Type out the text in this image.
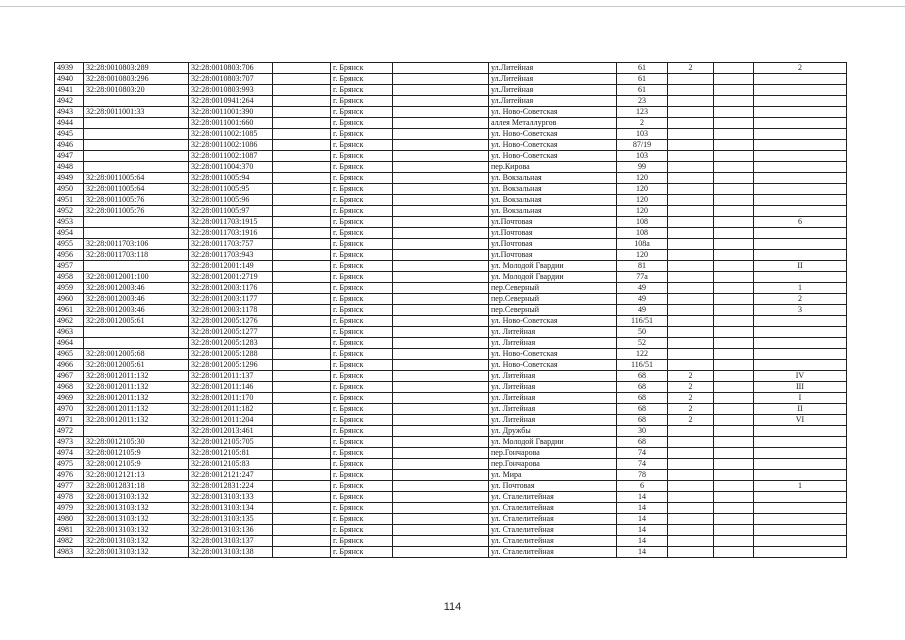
4939	32:28:0010803:289	32:28:0010803:706		г. Брянск		ул.Литейная	61	2		2
4940	32:28:0010803:296	32:28:0010803:707		г. Брянск		ул.Литейная	61			
4941	32:28:0010803:20	32:28:0010803:993		г. Брянск		ул.Литейная	61			
4942		32:28:0010941:264		г. Брянск		ул.Литейная	23			
4943	32:28:0011001:33	32:28:0011001:390		г. Брянск		ул. Ново-Советская	123			
4944		32:28:0011001:660		г. Брянск		аллея Металлургов	2			
4945		32:28:0011002:1085		г. Брянск		ул. Ново-Советская	103			
4946		32:28:0011002:1086		г. Брянск		ул. Ново-Советская	87/19			
4947		32:28:0011002:1087		г. Брянск		ул. Ново-Советская	103			
4948		32:28:0011004:370		г. Брянск		пер.Кирова	99			
4949	32:28:0011005:64	32:28:0011005:94		г. Брянск		ул. Вокзальная	120			
4950	32:28:0011005:64	32:28:0011005:95		г. Брянск		ул. Вокзальная	120			
4951	32:28:0011005:76	32:28:0011005:96		г. Брянск		ул. Вокзальная	120			
4952	32:28:0011005:76	32:28:0011005:97		г. Брянск		ул. Вокзальная	120			
4953		32:28:0011703:1915		г. Брянск		ул.Почтовая	108			6
4954		32:28:0011703:1916		г. Брянск		ул.Почтовая	108			
4955	32:28:0011703:106	32:28:0011703:757		г. Брянск		ул.Почтовая	108а			
4956	32:28:0011703:118	32:28:0011703:943		г. Брянск		ул.Почтовая	120			
4957		32:28:0012001:149		г. Брянск		ул. Молодой Гвардии	81			II
4958	32:28:0012001:100	32:28:0012001:2719		г. Брянск		ул. Молодой Гвардии	77а			
4959	32:28:0012003:46	32:28:0012003:1176		г. Брянск		пер.Северный	49			1
4960	32:28:0012003:46	32:28:0012003:1177		г. Брянск		пер.Северный	49			2
4961	32:28:0012003:46	32:28:0012003:1178		г. Брянск		пер.Северный	49			3
4962	32:28:0012005:61	32:28:0012005:1276		г. Брянск		ул. Ново-Советская	116/51			
4963		32:28:0012005:1277		г. Брянск		ул. Литейная	50			
4964		32:28:0012005:1283		г. Брянск		ул. Литейная	52			
4965	32:28:0012005:68	32:28:0012005:1288		г. Брянск		ул. Ново-Советская	122			
4966	32:28:0012005:61	32:28:0012005:1296		г. Брянск		ул. Ново-Советская	116/51			
4967	32:28:0012011:132	32:28:0012011:137		г. Брянск		ул. Литейная	68	2		IV
4968	32:28:0012011:132	32:28:0012011:146		г. Брянск		ул. Литейная	68	2		III
4969	32:28:0012011:132	32:28:0012011:170		г. Брянск		ул. Литейная	68	2		I
4970	32:28:0012011:132	32:28:0012011:182		г. Брянск		ул. Литейная	68	2		II
4971	32:28:0012011:132	32:28:0012011:204		г. Брянск		ул. Литейная	68	2		VI
4972		32:28:0012013:461		г. Брянск		ул. Дружбы	30			
4973	32:28:0012105:30	32:28:0012105:705		г. Брянск		ул. Молодой Гвардии	68			
4974	32:28:0012105:9	32:28:0012105:81		г. Брянск		пер.Гончарова	74			
4975	32:28:0012105:9	32:28:0012105:83		г. Брянск		пер.Гончарова	74			
4976	32:28:0012121:13	32:28:0012121:247		г. Брянск		ул. Мира	78			
4977	32:28:0012831:18	32:28:0012831:224		г. Брянск		ул. Почтовая	6			1
4978	32:28:0013103:132	32:28:0013103:133		г. Брянск		ул. Сталелитейная	14			
4979	32:28:0013103:132	32:28:0013103:134		г. Брянск		ул. Сталелитейная	14			
4980	32:28:0013103:132	32:28:0013103:135		г. Брянск		ул. Сталелитейная	14			
4981	32:28:0013103:132	32:28:0013103:136		г. Брянск		ул. Сталелитейная	14			
4982	32:28:0013103:132	32:28:0013103:137		г. Брянск		ул. Сталелитейная	14			
4983	32:28:0013103:132	32:28:0013103:138		г. Брянск		ул. Сталелитейная	14			
114
